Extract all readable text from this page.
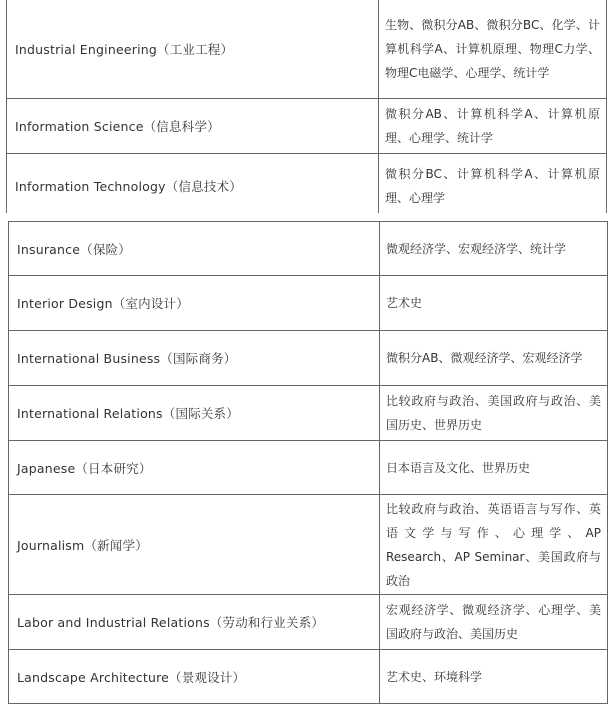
Industrial Engineering（工业工程）	生物、微积分AB、微积分BC、化学、计算机科学A、计算机原理、物理C力学、物理C电磁学、心理学、统计学
Information Science（信息科学）	微积分AB、计算机科学A、计算机原理、心理学、统计学
Information Technology（信息技术）	微积分BC、计算机科学A、计算机原理、心理学
Insurance（保险）	微观经济学、宏观经济学、统计学
Interior Design（室内设计）	艺术史
International Business（国际商务）	微积分AB、微观经济学、宏观经济学
International Relations（国际关系）	比较政府与政治、美国政府与政治、美国历史、世界历史
Japanese（日本研究）	日本语言及文化、世界历史
Journalism（新闻学）	比较政府与政治、英语语言与写作、英语文学与写作、心理学、AP Research、AP Seminar、美国政府与政治
Labor and Industrial Relations（劳动和行业关系）	宏观经济学、微观经济学、心理学、美国政府与政治、美国历史
Landscape Architecture（景观设计）	艺术史、环境科学
